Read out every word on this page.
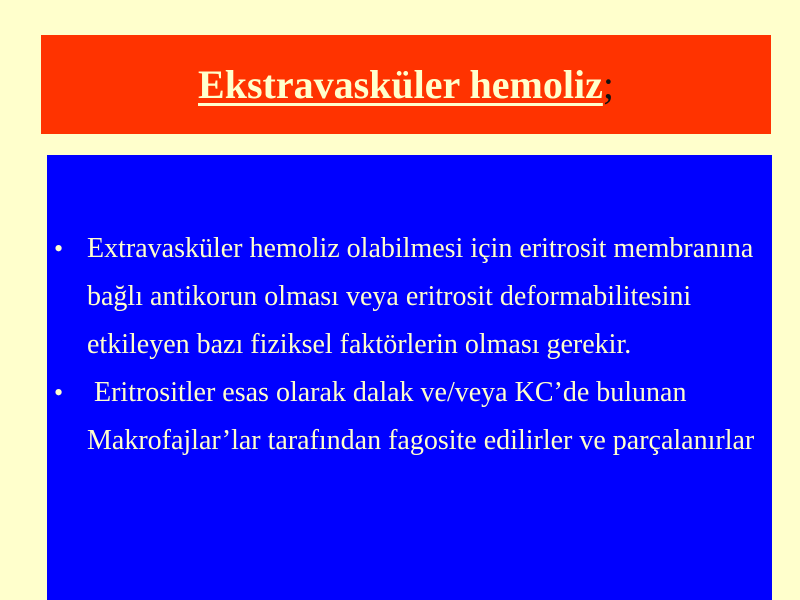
Ekstravasküler hemoliz;
• Extravasküler hemoliz olabilmesi için eritrosit membranına bağlı antikorun olması veya eritrosit deformabilitesini etkileyen bazı fiziksel faktörlerin olması gerekir.
• Eritrositler esas olarak dalak ve/veya KC’de bulunan Makrofajlar’lar tarafından fagosite edilirler ve parçalanırlar
